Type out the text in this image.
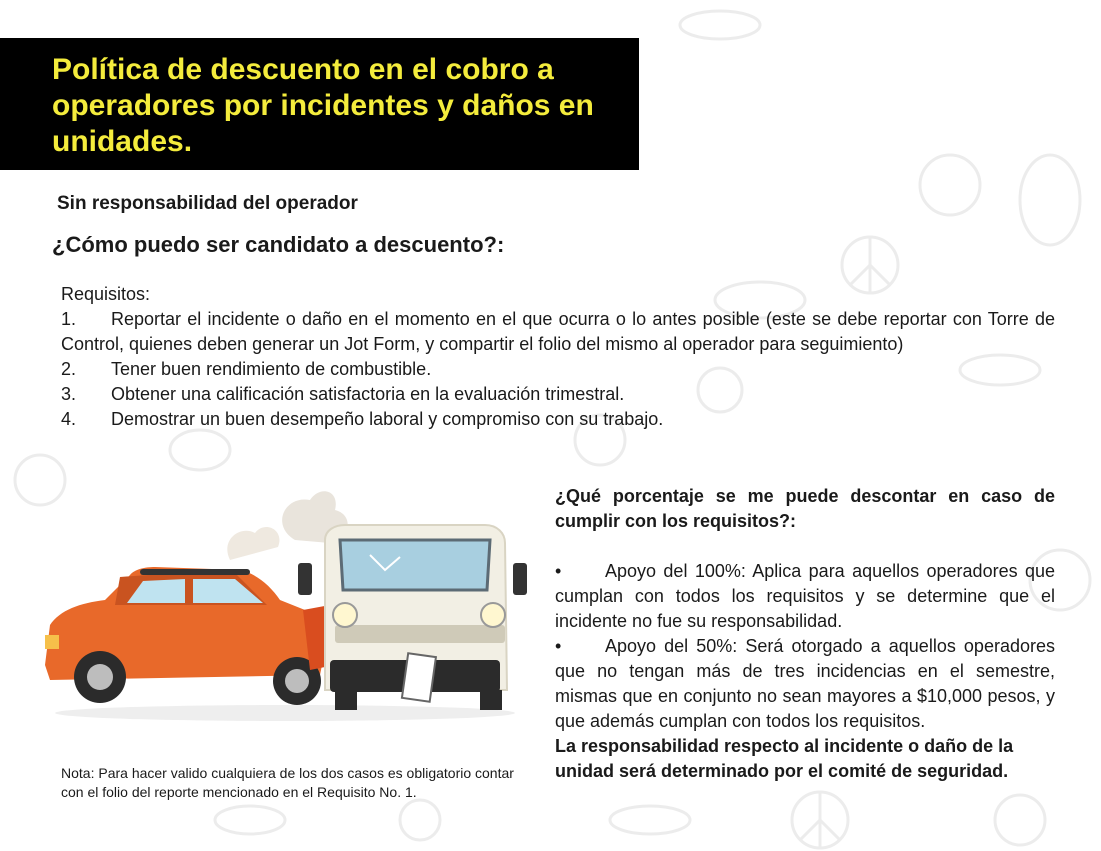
Política de descuento en el cobro a operadores por incidentes y daños en unidades.
Sin responsabilidad del operador
¿Cómo puedo ser candidato a descuento?:
Requisitos:
1. Reportar el incidente o daño en el momento en el que ocurra o lo antes posible (este se debe reportar con Torre de Control, quienes deben generar un Jot Form, y compartir el folio del mismo al operador para seguimiento)
2. Tener buen rendimiento de combustible.
3. Obtener una calificación satisfactoria en la evaluación trimestral.
4. Demostrar un buen desempeño laboral y compromiso con su trabajo.

¿Qué porcentaje se me puede descontar en caso de cumplir con los requisitos?:

• Apoyo del 100%: Aplica para aquellos operadores que cumplan con todos los requisitos y se determine que el incidente no fue su responsabilidad.

• Apoyo del 50%: Será otorgado a aquellos operadores que no tengan más de tres incidencias en el semestre, mismas que en conjunto no sean mayores a $10,000 pesos, y que además cumplan con todos los requisitos.

La responsabilidad respecto al incidente o daño de la unidad será determinado por el comité de seguridad.

Nota: Para hacer valido cualquiera de los dos casos es obligatorio contar con el folio del reporte mencionado en el Requisito No. 1.
